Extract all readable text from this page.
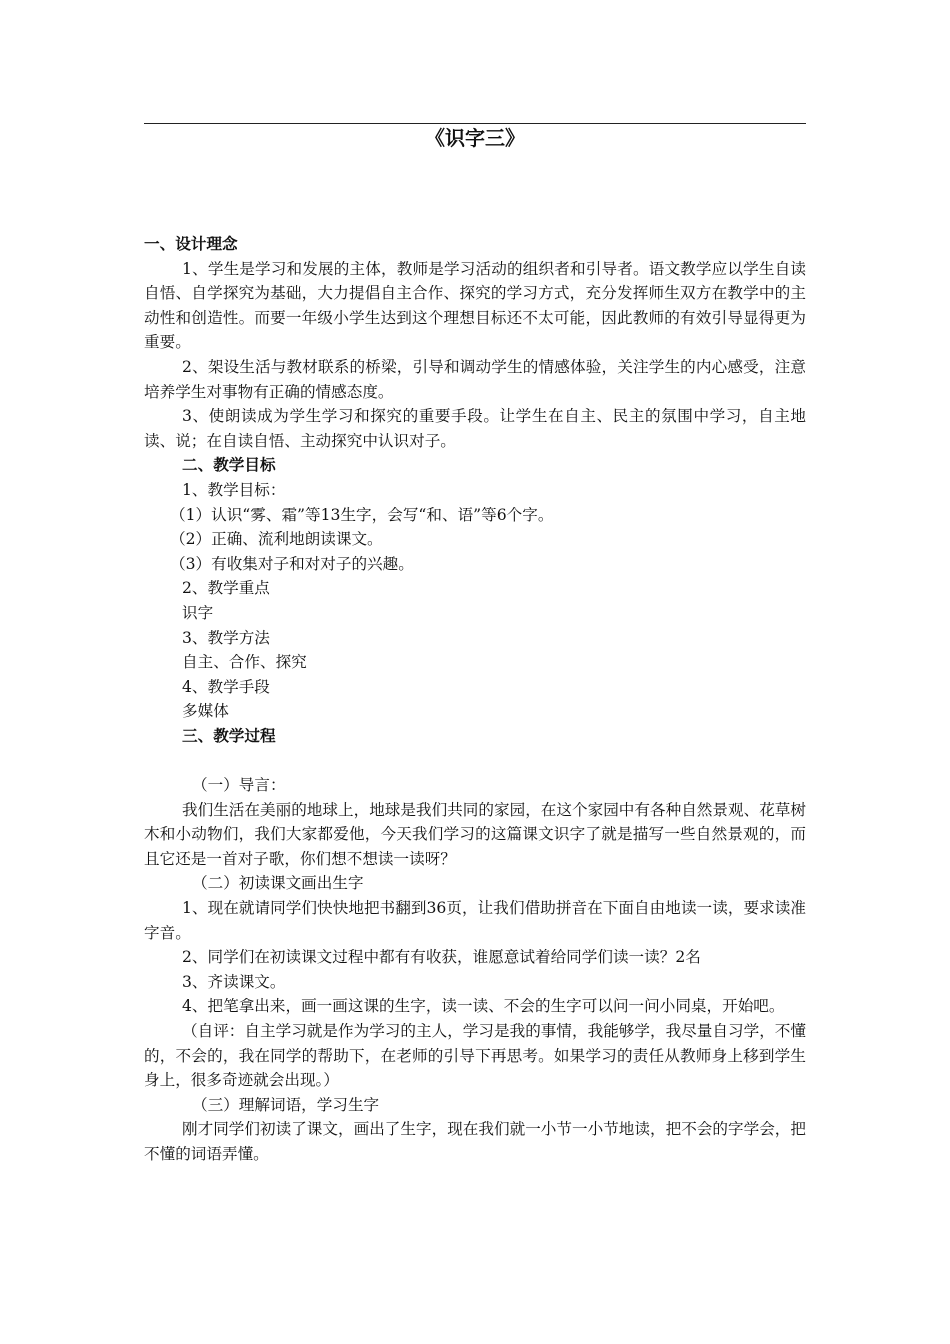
《识字三》

一、设计理念

1、学生是学习和发展的主体，教师是学习活动的组织者和引导者。语文教学应以学生自读自悟、自学探究为基础，大力提倡自主合作、探究的学习方式，充分发挥师生双方在教学中的主动性和创造性。而要一年级小学生达到这个理想目标还不太可能，因此教师的有效引导显得更为重要。

2、架设生活与教材联系的桥梁，引导和调动学生的情感体验，关注学生的内心感受，注意培养学生对事物有正确的情感态度。

3、使朗读成为学生学习和探究的重要手段。让学生在自主、民主的氛围中学习，自主地读、说；在自读自悟、主动探究中认识对子。

二、教学目标

1、教学目标：

（1）认识“雾、霜”等13生字，会写“和、语”等6个字。

（2）正确、流利地朗读课文。

（3）有收集对子和对对子的兴趣。

2、教学重点

识字

3、教学方法

自主、合作、探究

4、教学手段

多媒体

三、教学过程

（一）导言：

我们生活在美丽的地球上，地球是我们共同的家园，在这个家园中有各种自然景观、花草树木和小动物们，我们大家都爱他，今天我们学习的这篇课文识字了就是描写一些自然景观的，而且它还是一首对子歌，你们想不想读一读呀？

（二）初读课文画出生字

1、现在就请同学们快快地把书翻到36页，让我们借助拼音在下面自由地读一读，要求读准字音。

2、同学们在初读课文过程中都有有收获，谁愿意试着给同学们读一读？2名

3、齐读课文。

4、把笔拿出来，画一画这课的生字，读一读、不会的生字可以问一问小同桌，开始吧。

（自评：自主学习就是作为学习的主人，学习是我的事情，我能够学，我尽量自习学，不懂的，不会的，我在同学的帮助下，在老师的引导下再思考。如果学习的责任从教师身上移到学生身上，很多奇迹就会出现。）

（三）理解词语，学习生字

刚才同学们初读了课文，画出了生字，现在我们就一小节一小节地读，把不会的字学会，把不懂的词语弄懂。
